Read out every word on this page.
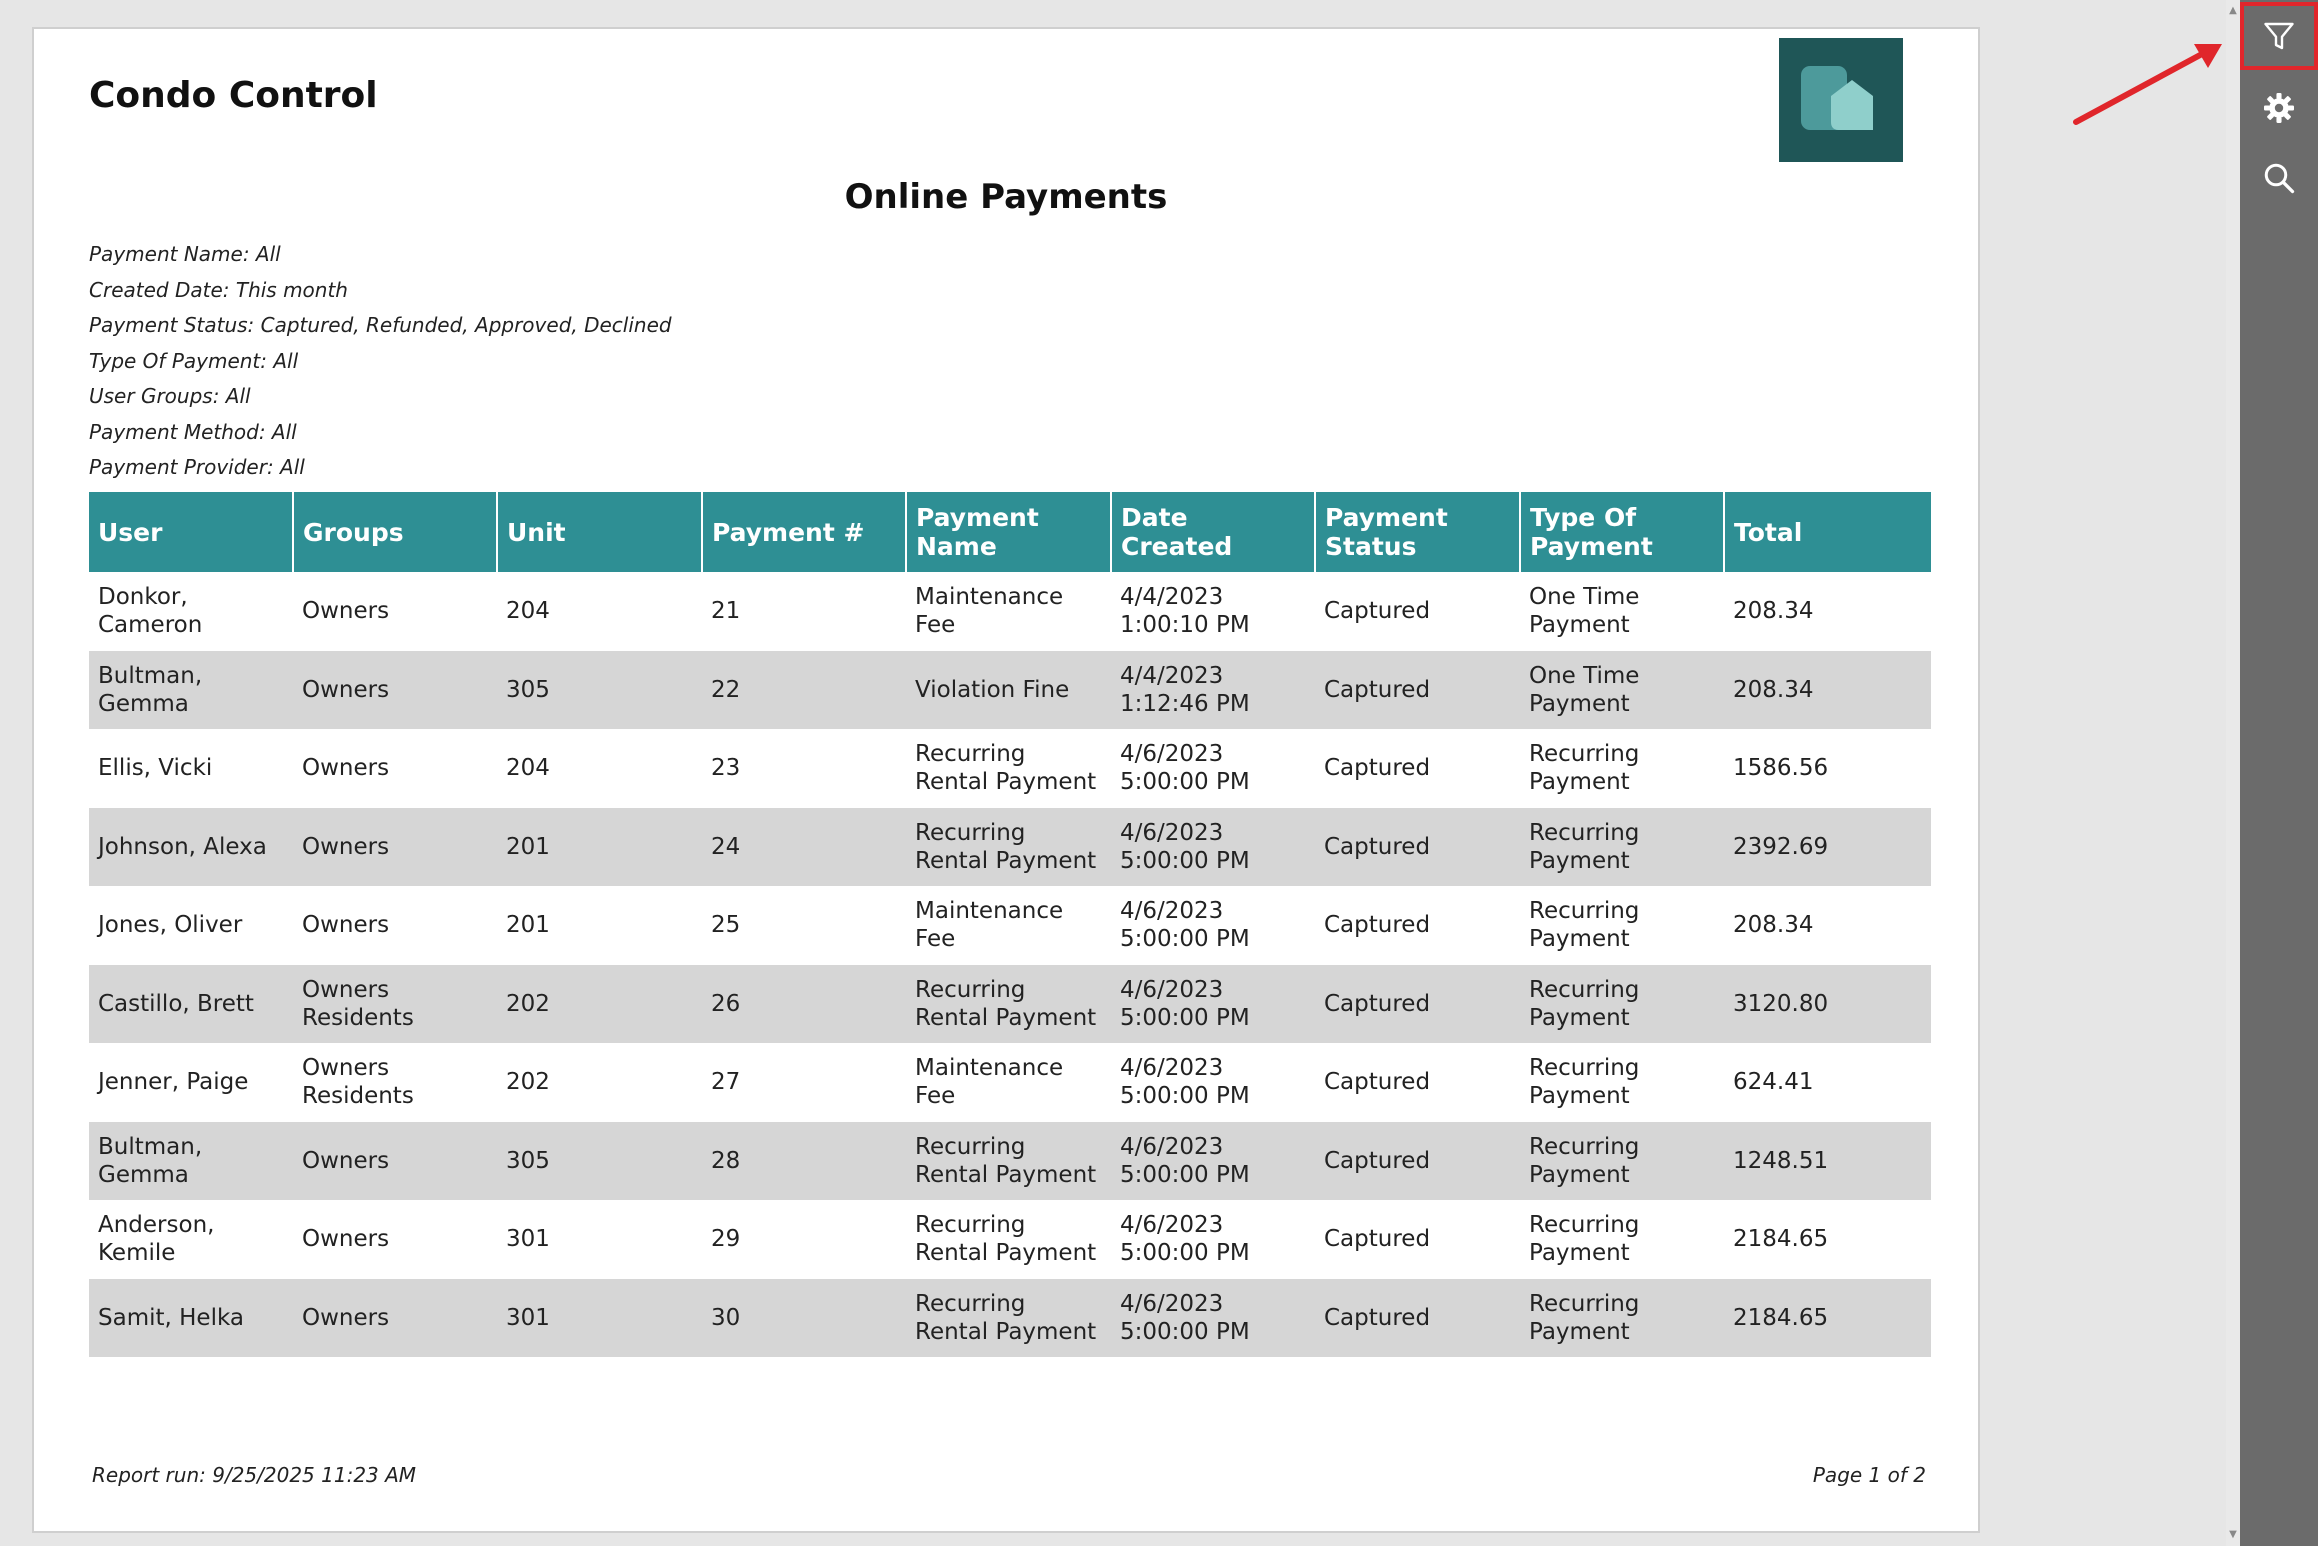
Condo Control
Online Payments
Payment Name: All
Created Date: This month
Payment Status: Captured, Refunded, Approved, Declined
Type Of Payment: All
User Groups: All
Payment Method: All
Payment Provider: All
User	Groups	Unit	Payment #	Payment Name	Date Created	Payment Status	Type Of Payment	Total
Donkor, Cameron	Owners	204	21	Maintenance Fee	4/4/2023 1:00:10 PM	Captured	One Time Payment	208.34
Bultman, Gemma	Owners	305	22	Violation Fine	4/4/2023 1:12:46 PM	Captured	One Time Payment	208.34
Ellis, Vicki	Owners	204	23	Recurring Rental Payment	4/6/2023 5:00:00 PM	Captured	Recurring Payment	1586.56
Johnson, Alexa	Owners	201	24	Recurring Rental Payment	4/6/2023 5:00:00 PM	Captured	Recurring Payment	2392.69
Jones, Oliver	Owners	201	25	Maintenance Fee	4/6/2023 5:00:00 PM	Captured	Recurring Payment	208.34
Castillo, Brett	Owners Residents	202	26	Recurring Rental Payment	4/6/2023 5:00:00 PM	Captured	Recurring Payment	3120.80
Jenner, Paige	Owners Residents	202	27	Maintenance Fee	4/6/2023 5:00:00 PM	Captured	Recurring Payment	624.41
Bultman, Gemma	Owners	305	28	Recurring Rental Payment	4/6/2023 5:00:00 PM	Captured	Recurring Payment	1248.51
Anderson, Kemile	Owners	301	29	Recurring Rental Payment	4/6/2023 5:00:00 PM	Captured	Recurring Payment	2184.65
Samit, Helka	Owners	301	30	Recurring Rental Payment	4/6/2023 5:00:00 PM	Captured	Recurring Payment	2184.65
Report run: 9/25/2025 11:23 AM	Page 1 of 2
▲
▼
